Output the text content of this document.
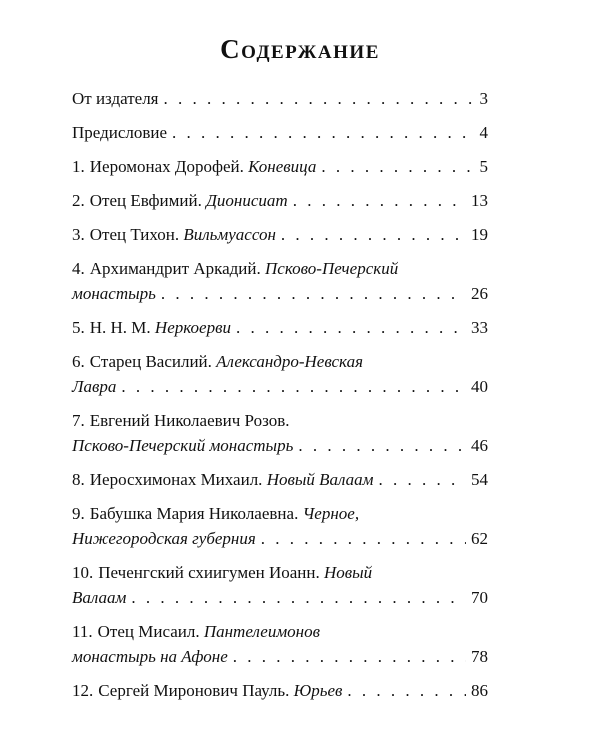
Содержание
От издателя . . .	3
Предисловие . . .	4
1. Иеромонах Дорофей. Коневица . . .	5
2. Отец Евфимий. Дионисиат . . .	13
3. Отец Тихон. Вильмуассон . . .	19
4. Архимандрит Аркадий. Псково-Печерский
монастырь . . .	26
5. Н. Н. М. Неркоерви . . .	33
6. Старец Василий. Александро-Невская
Лавра . . .	40
7. Евгений Николаевич Розов.
Псково-Печерский монастырь . . .	46
8. Иеросхимонах Михаил. Новый Валаам . . .	54
9. Бабушка Мария Николаевна. Черное,
Нижегородская губерния . . .	62
10. Печенгский схиигумен Иоанн. Новый
Валаам . . .	70
11. Отец Мисаил. Пантелеимонов
монастырь на Афоне . . .	78
12. Сергей Миронович Пауль. Юрьев . . .	86
